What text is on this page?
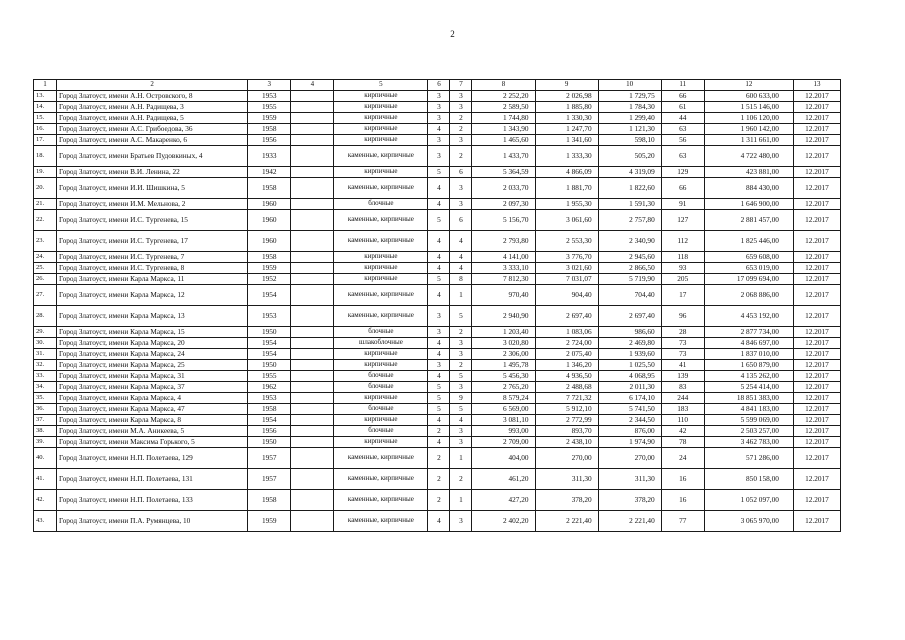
2
1	2	3	4	5	6	7	8	9	10	11	12	13
13.	Город Златоуст, имени А.Н. Островского, 8	1953		кирпичные	3	3	2 252,20	2 026,98	1 729,75	66	600 633,00	12.2017
14.	Город Златоуст, имени А.Н. Радищева, 3	1955		кирпичные	3	3	2 589,50	1 885,80	1 784,30	61	1 515 146,00	12.2017
15.	Город Златоуст, имени А.Н. Радищева, 5	1959		кирпичные	3	2	1 744,80	1 330,30	1 299,40	44	1 106 120,00	12.2017
16.	Город Златоуст, имени А.С. Грибоедова, 36	1958		кирпичные	4	2	1 343,90	1 247,70	1 121,30	63	1 960 142,00	12.2017
17.	Город Златоуст, имени А.С. Макаренко, 6	1956		кирпичные	3	3	1 465,60	1 341,60	598,10	56	1 311 661,00	12.2017
18.	Город Златоуст, имени Братьев Пудовкиных, 4	1933		каменные, кирпичные	3	2	1 433,70	1 333,30	505,20	63	4 722 480,00	12.2017
19.	Город Златоуст, имени В.И. Ленина, 22	1942		кирпичные	5	6	5 364,59	4 866,09	4 319,09	129	423 881,00	12.2017
20.	Город Златоуст, имени И.И. Шишкина, 5	1958		каменные, кирпичные	4	3	2 033,70	1 881,70	1 822,60	66	884 430,00	12.2017
21.	Город Златоуст, имени И.М. Мельнова, 2	1960		блочные	4	3	2 097,30	1 955,30	1 591,30	91	1 646 900,00	12.2017
22.	Город Златоуст, имени И.С. Тургенева, 15	1960		каменные, кирпичные	5	6	5 156,70	3 061,60	2 757,80	127	2 881 457,00	12.2017
23.	Город Златоуст, имени И.С. Тургенева, 17	1960		каменные, кирпичные	4	4	2 793,80	2 553,30	2 340,90	112	1 825 446,00	12.2017
24.	Город Златоуст, имени И.С. Тургенева, 7	1958		кирпичные	4	4	4 141,00	3 776,70	2 945,60	118	659 608,00	12.2017
25.	Город Златоуст, имени И.С. Тургенева, 8	1959		кирпичные	4	4	3 333,10	3 021,60	2 866,50	93	653 019,00	12.2017
26.	Город Златоуст, имени Карла Маркса, 11	1952		кирпичные	5	8	7 812,30	7 031,07	5 719,90	205	17 099 694,00	12.2017
27.	Город Златоуст, имени Карла Маркса, 12	1954		каменные, кирпичные	4	1	970,40	904,40	704,40	17	2 068 886,00	12.2017
28.	Город Златоуст, имени Карла Маркса, 13	1953		каменные, кирпичные	3	5	2 940,90	2 697,40	2 697,40	96	4 453 192,00	12.2017
29.	Город Златоуст, имени Карла Маркса, 15	1950		блочные	3	2	1 203,40	1 083,06	986,60	28	2 877 734,00	12.2017
30.	Город Златоуст, имени Карла Маркса, 20	1954		шлакоблочные	4	3	3 020,80	2 724,00	2 469,80	73	4 846 697,00	12.2017
31.	Город Златоуст, имени Карла Маркса, 24	1954		кирпичные	4	3	2 306,00	2 075,40	1 939,60	73	1 837 010,00	12.2017
32.	Город Златоуст, имени Карла Маркса, 25	1950		кирпичные	3	2	1 495,78	1 346,20	1 025,50	41	1 650 879,00	12.2017
33.	Город Златоуст, имени Карла Маркса, 31	1955		блочные	4	5	5 456,30	4 936,50	4 068,95	139	4 135 262,00	12.2017
34.	Город Златоуст, имени Карла Маркса, 37	1962		блочные	5	3	2 765,20	2 488,68	2 011,30	83	5 254 414,00	12.2017
35.	Город Златоуст, имени Карла Маркса, 4	1953		кирпичные	5	9	8 579,24	7 721,32	6 174,10	244	18 851 383,00	12.2017
36.	Город Златоуст, имени Карла Маркса, 47	1958		блочные	5	5	6 569,00	5 912,10	5 741,50	183	4 841 183,00	12.2017
37.	Город Златоуст, имени Карла Маркса, 8	1954		кирпичные	4	4	3 081,10	2 772,99	2 344,50	110	5 599 069,00	12.2017
38.	Город Златоуст, имени М.А. Аникеева, 5	1956		блочные	2	3	993,00	893,70	876,00	42	2 503 257,00	12.2017
39.	Город Златоуст, имени Максима Горького, 5	1950		кирпичные	4	3	2 709,00	2 438,10	1 974,90	78	3 462 783,00	12.2017
40.	Город Златоуст, имени Н.П. Полетаева, 129	1957		каменные, кирпичные	2	1	404,00	270,00	270,00	24	571 286,00	12.2017
41.	Город Златоуст, имени Н.П. Полетаева, 131	1957		каменные, кирпичные	2	2	461,20	311,30	311,30	16	850 158,00	12.2017
42.	Город Златоуст, имени Н.П. Полетаева, 133	1958		каменные, кирпичные	2	1	427,20	378,20	378,20	16	1 052 097,00	12.2017
43.	Город Златоуст, имени П.А. Румянцева, 10	1959		каменные, кирпичные	4	3	2 402,20	2 221,40	2 221,40	77	3 065 970,00	12.2017
